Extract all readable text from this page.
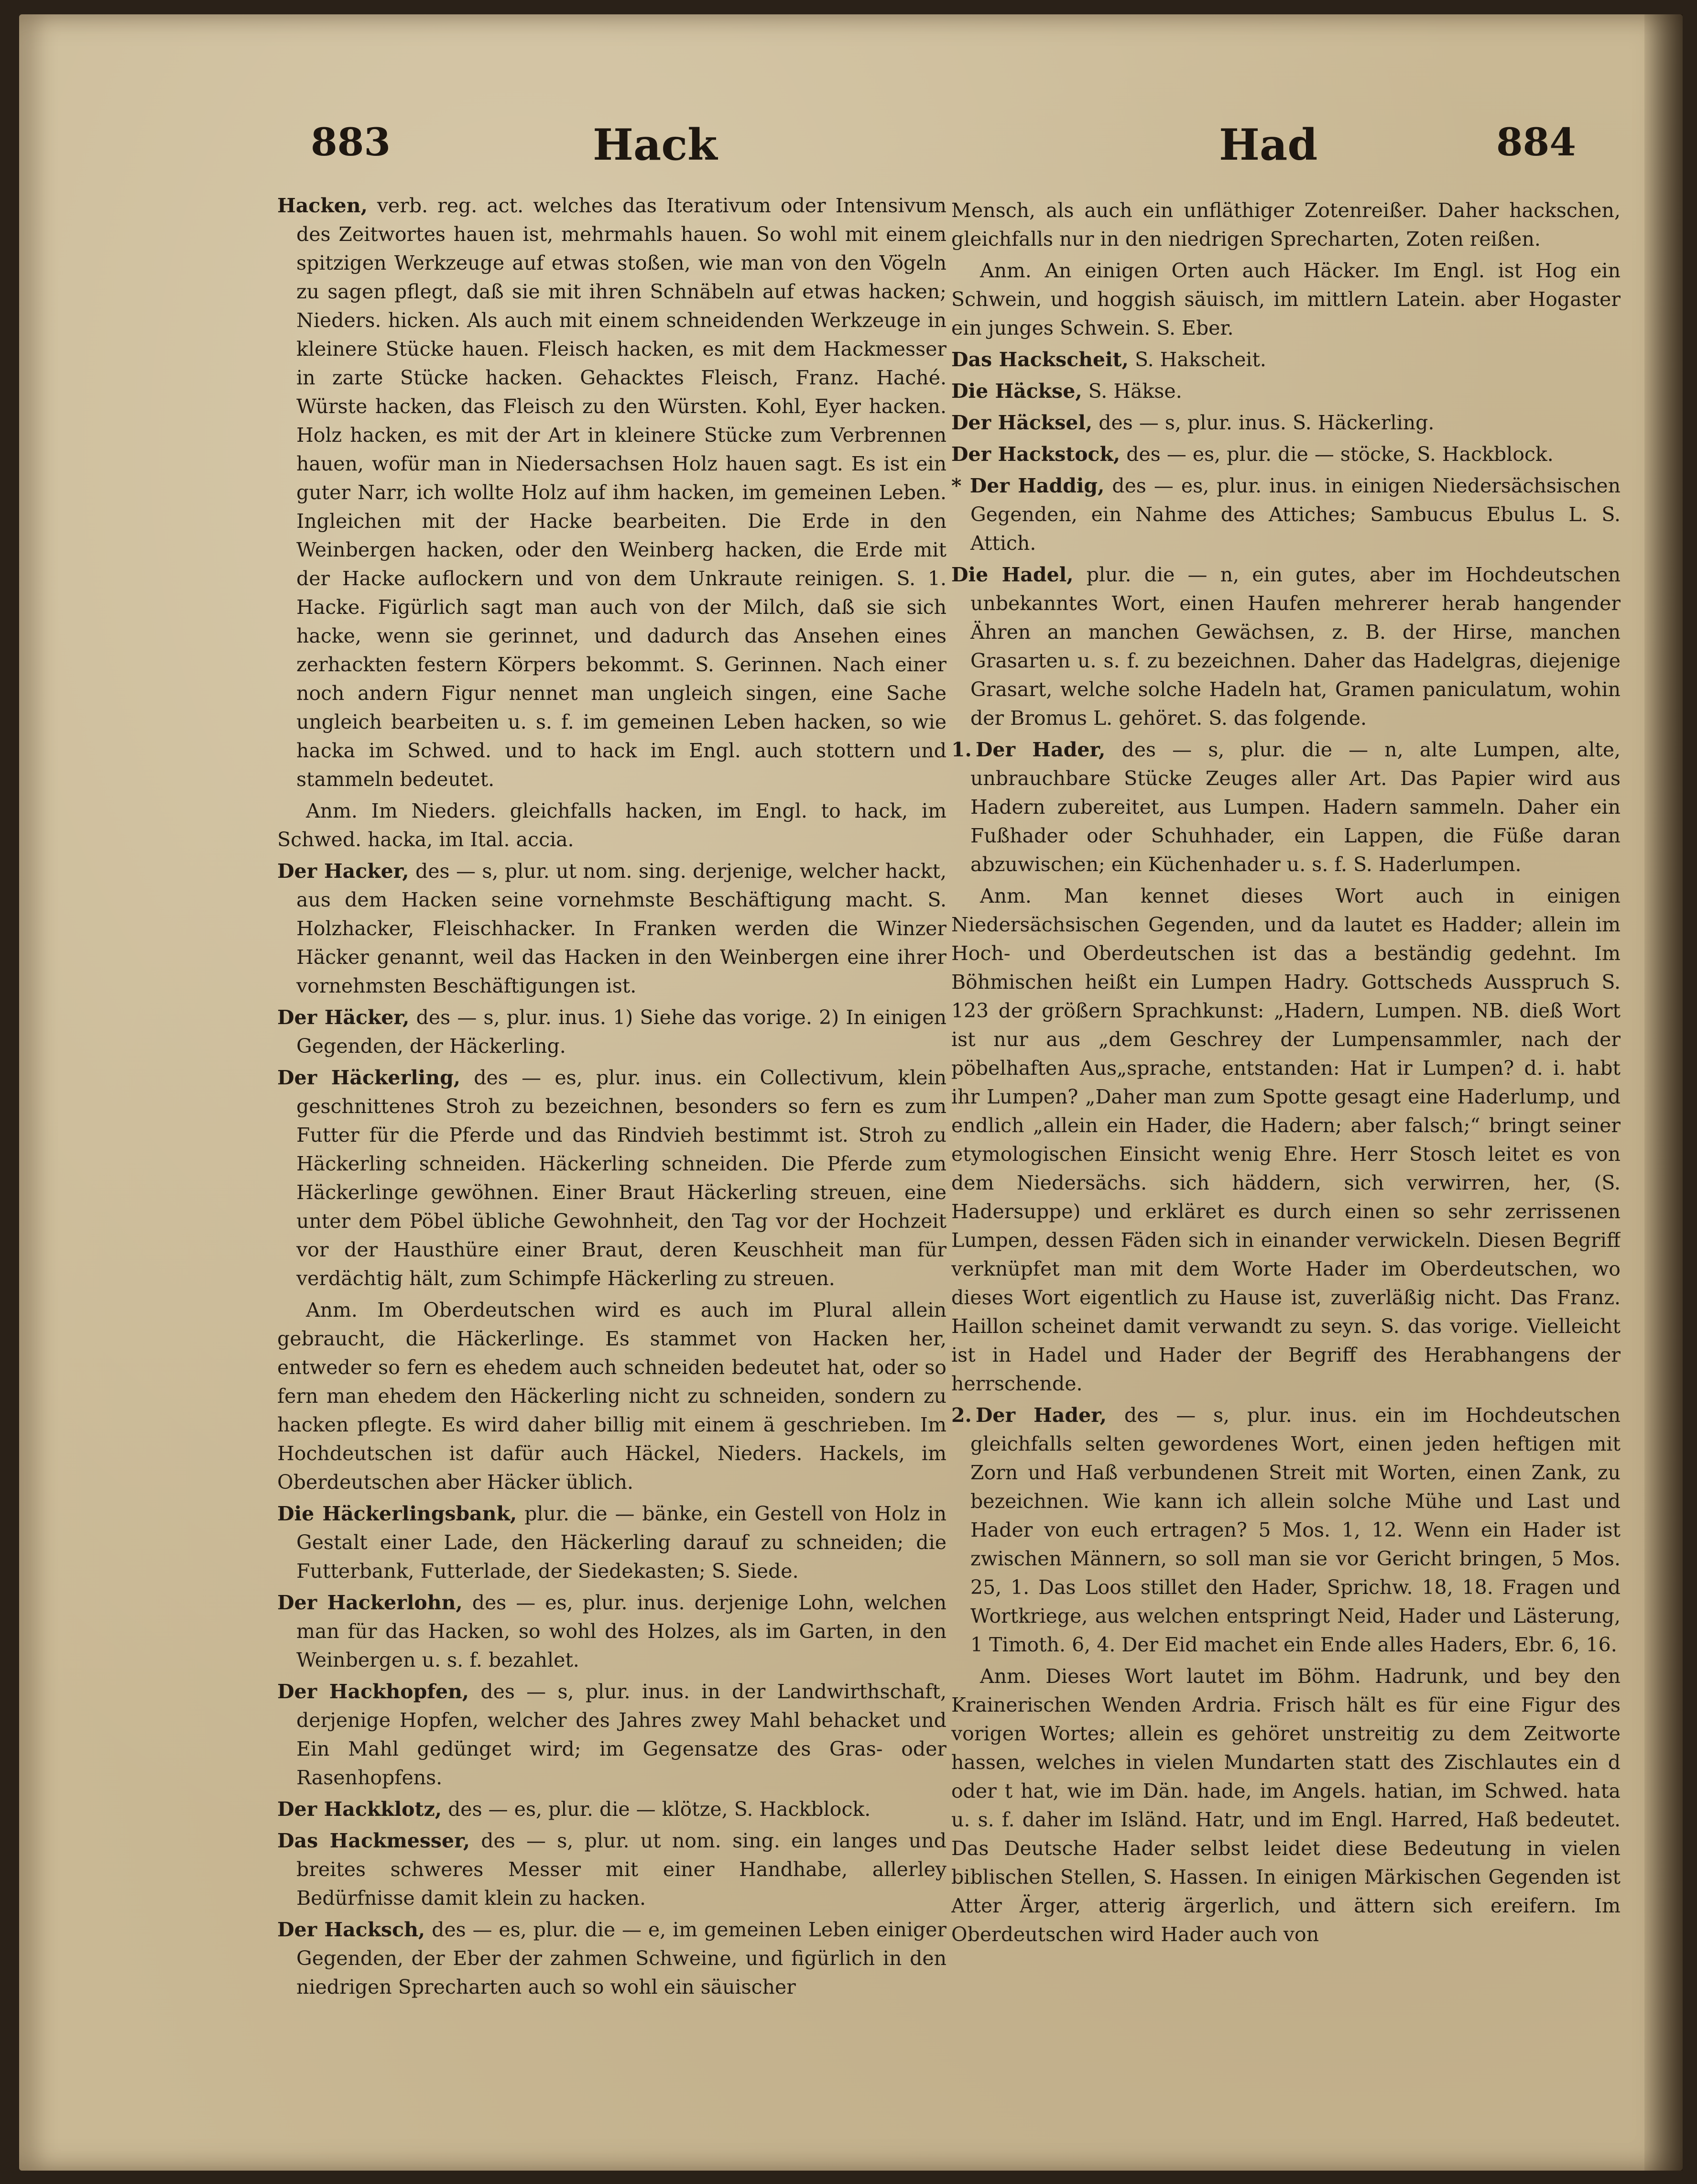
883	Hack	Had	884

Hacken, verb. reg. act. welches das Iterativum oder Intensivum des Zeitwortes hauen ist, mehrmahls hauen. So wohl mit einem spitzigen Werkzeuge auf etwas stoßen, wie man von den Vögeln zu sagen pflegt, daß sie mit ihren Schnäbeln auf etwas hacken; Nieders. hicken. Als auch mit einem schneidenden Werkzeuge in kleinere Stücke hauen. Fleisch hacken, es mit dem Hackmesser in zarte Stücke hacken. Gehacktes Fleisch, Franz. Haché. Würste hacken, das Fleisch zu den Würsten. Kohl, Eyer hacken. Holz hacken, es mit der Art in kleinere Stücke zum Verbrennen hauen, wofür man in Niedersachsen Holz hauen sagt. Es ist ein guter Narr, ich wollte Holz auf ihm hacken, im gemeinen Leben. Ingleichen mit der Hacke bearbeiten. Die Erde in den Weinbergen hacken, oder den Weinberg hacken, die Erde mit der Hacke auflockern und von dem Unkraute reinigen. S. 1. Hacke. Figürlich sagt man auch von der Milch, daß sie sich hacke, wenn sie gerinnet, und dadurch das Ansehen eines zerhackten festern Körpers bekommt. S. Gerinnen. Nach einer noch andern Figur nennet man ungleich singen, eine Sache ungleich bearbeiten u. s. f. im gemeinen Leben hacken, so wie hacka im Schwed. und to hack im Engl. auch stottern und stammeln bedeutet.

Anm. Im Nieders. gleichfalls hacken, im Engl. to hack, im Schwed. hacka, im Ital. accia.

Der Hacker, des — s, plur. ut nom. sing. derjenige, welcher hackt, aus dem Hacken seine vornehmste Beschäftigung macht. S. Holzhacker, Fleischhacker. In Franken werden die Winzer Häcker genannt, weil das Hacken in den Weinbergen eine ihrer vornehmsten Beschäftigungen ist.

Der Häcker, des — s, plur. inus. 1) Siehe das vorige. 2) In einigen Gegenden, der Häckerling.

Der Häckerling, des — es, plur. inus. ein Collectivum, klein geschnittenes Stroh zu bezeichnen, besonders so fern es zum Futter für die Pferde und das Rindvieh bestimmt ist. Stroh zu Häckerling schneiden. Häckerling schneiden. Die Pferde zum Häckerlinge gewöhnen. Einer Braut Häckerling streuen, eine unter dem Pöbel übliche Gewohnheit, den Tag vor der Hochzeit vor der Hausthüre einer Braut, deren Keuschheit man für verdächtig hält, zum Schimpfe Häckerling zu streuen.

Anm. Im Oberdeutschen wird es auch im Plural allein gebraucht, die Häckerlinge. Es stammet von Hacken her, entweder so fern es ehedem auch schneiden bedeutet hat, oder so fern man ehedem den Häckerling nicht zu schneiden, sondern zu hacken pflegte. Es wird daher billig mit einem ä geschrieben. Im Hochdeutschen ist dafür auch Häckel, Nieders. Hackels, im Oberdeutschen aber Häcker üblich.

Die Häckerlingsbank, plur. die — bänke, ein Gestell von Holz in Gestalt einer Lade, den Häckerling darauf zu schneiden; die Futterbank, Futterlade, der Siedekasten; S. Siede.

Der Hackerlohn, des — es, plur. inus. derjenige Lohn, welchen man für das Hacken, so wohl des Holzes, als im Garten, in den Weinbergen u. s. f. bezahlet.

Der Hackhopfen, des — s, plur. inus. in der Landwirthschaft, derjenige Hopfen, welcher des Jahres zwey Mahl behacket und Ein Mahl gedünget wird; im Gegensatze des Gras- oder Rasenhopfens.

Der Hackklotz, des — es, plur. die — klötze, S. Hackblock.

Das Hackmesser, des — s, plur. ut nom. sing. ein langes und breites schweres Messer mit einer Handhabe, allerley Bedürfnisse damit klein zu hacken.

Der Hacksch, des — es, plur. die — e, im gemeinen Leben einiger Gegenden, der Eber der zahmen Schweine, und figürlich in den niedrigen Sprecharten auch so wohl ein säuischer

Mensch, als auch ein unfläthiger Zotenreißer. Daher hackschen, gleichfalls nur in den niedrigen Sprecharten, Zoten reißen.

Anm. An einigen Orten auch Häcker. Im Engl. ist Hog ein Schwein, und hoggish säuisch, im mittlern Latein. aber Hogaster ein junges Schwein. S. Eber.

Das Hackscheit, S. Hakscheit.

Die Häckse, S. Häkse.

Der Häcksel, des — s, plur. inus. S. Häckerling.

Der Hackstock, des — es, plur. die — stöcke, S. Hackblock.

* Der Haddig, des — es, plur. inus. in einigen Niedersächsischen Gegenden, ein Nahme des Attiches; Sambucus Ebulus L. S. Attich.

Die Hadel, plur. die — n, ein gutes, aber im Hochdeutschen unbekanntes Wort, einen Haufen mehrerer herab hangender Ähren an manchen Gewächsen, z. B. der Hirse, manchen Grasarten u. s. f. zu bezeichnen. Daher das Hadelgras, diejenige Grasart, welche solche Hadeln hat, Gramen paniculatum, wohin der Bromus L. gehöret. S. das folgende.

1. Der Hader, des — s, plur. die — n, alte Lumpen, alte, unbrauchbare Stücke Zeuges aller Art. Das Papier wird aus Hadern zubereitet, aus Lumpen. Hadern sammeln. Daher ein Fußhader oder Schuhhader, ein Lappen, die Füße daran abzuwischen; ein Küchenhader u. s. f. S. Haderlumpen.

Anm. Man kennet dieses Wort auch in einigen Niedersächsischen Gegenden, und da lautet es Hadder; allein im Hoch- und Oberdeutschen ist das a beständig gedehnt. Im Böhmischen heißt ein Lumpen Hadry. Gottscheds Ausspruch S. 123 der größern Sprachkunst: „Hadern, Lumpen. NB. dieß Wort ist nur aus „dem Geschrey der Lumpensammler, nach der pöbelhaften Aus„sprache, entstanden: Hat ir Lumpen? d. i. habt ihr Lumpen? „Daher man zum Spotte gesagt eine Haderlump, und endlich „allein ein Hader, die Hadern; aber falsch;“ bringt seiner etymologischen Einsicht wenig Ehre. Herr Stosch leitet es von dem Niedersächs. sich häddern, sich verwirren, her, (S. Hadersuppe) und erkläret es durch einen so sehr zerrissenen Lumpen, dessen Fäden sich in einander verwickeln. Diesen Begriff verknüpfet man mit dem Worte Hader im Oberdeutschen, wo dieses Wort eigentlich zu Hause ist, zuverläßig nicht. Das Franz. Haillon scheinet damit verwandt zu seyn. S. das vorige. Vielleicht ist in Hadel und Hader der Begriff des Herabhangens der herrschende.

2. Der Hader, des — s, plur. inus. ein im Hochdeutschen gleichfalls selten gewordenes Wort, einen jeden heftigen mit Zorn und Haß verbundenen Streit mit Worten, einen Zank, zu bezeichnen. Wie kann ich allein solche Mühe und Last und Hader von euch ertragen? 5 Mos. 1, 12. Wenn ein Hader ist zwischen Männern, so soll man sie vor Gericht bringen, 5 Mos. 25, 1. Das Loos stillet den Hader, Sprichw. 18, 18. Fragen und Wortkriege, aus welchen entspringt Neid, Hader und Lästerung, 1 Timoth. 6, 4. Der Eid machet ein Ende alles Haders, Ebr. 6, 16.

Anm. Dieses Wort lautet im Böhm. Hadrunk, und bey den Krainerischen Wenden Ardria. Frisch hält es für eine Figur des vorigen Wortes; allein es gehöret unstreitig zu dem Zeitworte hassen, welches in vielen Mundarten statt des Zischlautes ein d oder t hat, wie im Dän. hade, im Angels. hatian, im Schwed. hata u. s. f. daher im Isländ. Hatr, und im Engl. Harred, Haß bedeutet. Das Deutsche Hader selbst leidet diese Bedeutung in vielen biblischen Stellen, S. Hassen. In einigen Märkischen Gegenden ist Atter Ärger, atterig ärgerlich, und ättern sich ereifern. Im Oberdeutschen wird Hader auch von
